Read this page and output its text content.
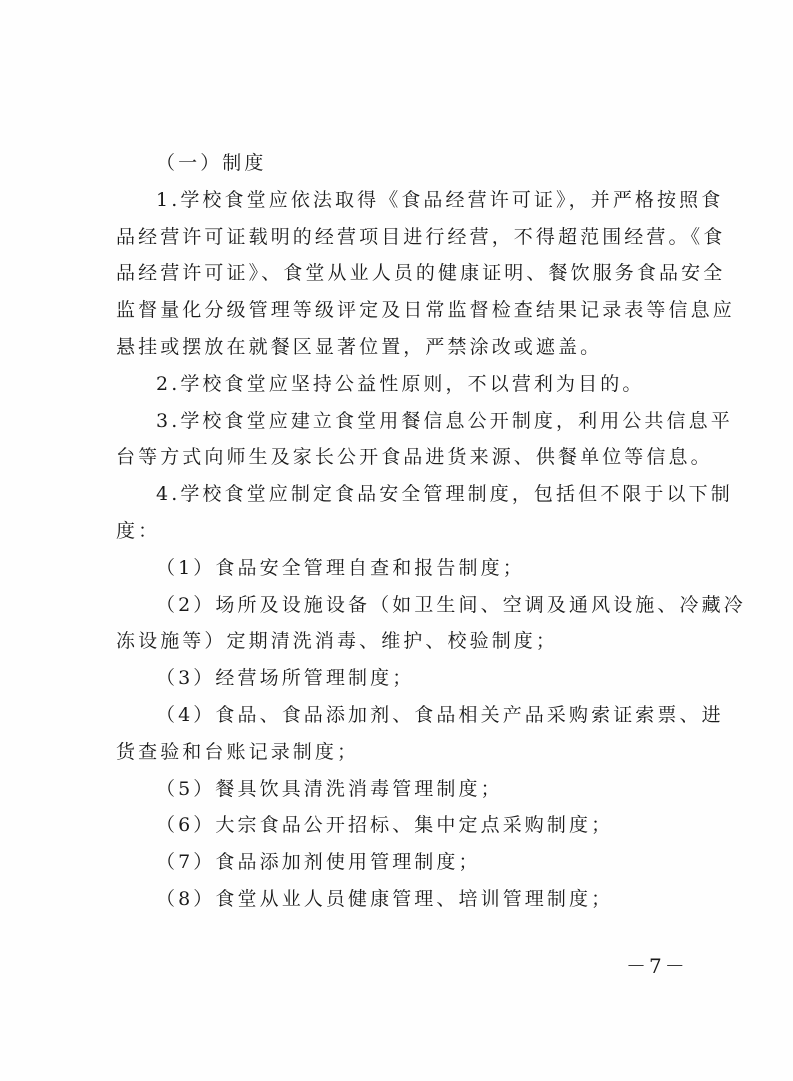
（一）制度
1.学校食堂应依法取得《食品经营许可证》，并严格按照食
品经营许可证载明的经营项目进行经营，不得超范围经营。《食
品经营许可证》、食堂从业人员的健康证明、餐饮服务食品安全
监督量化分级管理等级评定及日常监督检查结果记录表等信息应
悬挂或摆放在就餐区显著位置，严禁涂改或遮盖。
2.学校食堂应坚持公益性原则，不以营利为目的。
3.学校食堂应建立食堂用餐信息公开制度，利用公共信息平
台等方式向师生及家长公开食品进货来源、供餐单位等信息。
4.学校食堂应制定食品安全管理制度，包括但不限于以下制
度：
（1）食品安全管理自查和报告制度；
（2）场所及设施设备（如卫生间、空调及通风设施、冷藏冷
冻设施等）定期清洗消毒、维护、校验制度；
（3）经营场所管理制度；
（4）食品、食品添加剂、食品相关产品采购索证索票、进
货查验和台账记录制度；
（5）餐具饮具清洗消毒管理制度；
（6）大宗食品公开招标、集中定点采购制度；
（7）食品添加剂使用管理制度；
（8）食堂从业人员健康管理、培训管理制度；
－7－
